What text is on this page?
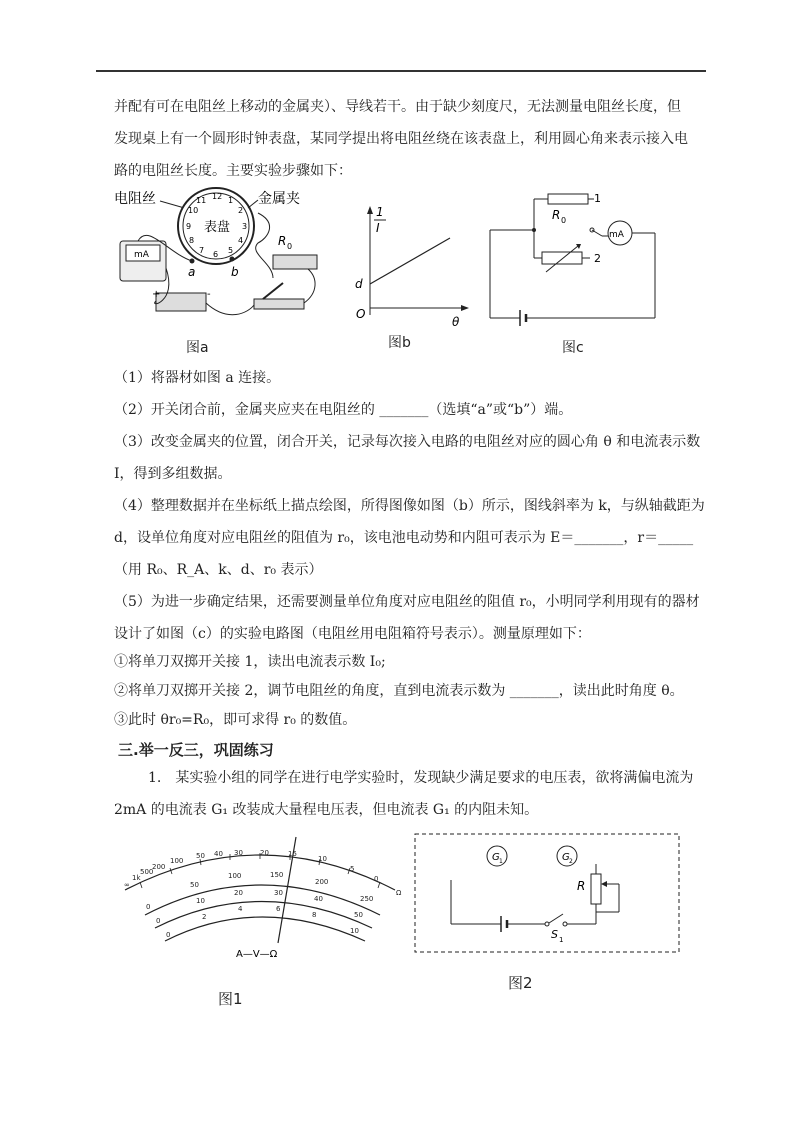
并配有可在电阻丝上移动的金属夹）、导线若干。由于缺少刻度尺，无法测量电阻丝长度，但
发现桌上有一个圆形时钟表盘，某同学提出将电阻丝绕在该表盘上，利用圆心角来表示接入电
路的电阻丝长度。主要实验步骤如下：
电阻丝
表盘
12 1
2
3
4
5
6
7
8
9
10
11	金属夹
a	b
mA
R 0
+	-
图a
1
I
d
O
θ
图b
1
R 0
2
mA
图c
（1）将器材如图 a 连接。
（2）开关闭合前，金属夹应夹在电阻丝的 _______（选填“a”或“b”）端。
（3）改变金属夹的位置，闭合开关，记录每次接入电路的电阻丝对应的圆心角 θ 和电流表示数
I，得到多组数据。
（4）整理数据并在坐标纸上描点绘图，所得图像如图（b）所示，图线斜率为 k，与纵轴截距为
d，设单位角度对应电阻丝的阻值为 r₀，该电池电动势和内阻可表示为 E＝_______，r＝_____
（用 R₀、R_A、k、d、r₀ 表示）
（5）为进一步确定结果，还需要测量单位角度对应电阻丝的阻值 r₀，小明同学利用现有的器材
设计了如图（c）的实验电路图（电阻丝用电阻箱符号表示）。测量原理如下：
①将单刀双掷开关接 1，读出电流表示数 I₀;
②将单刀双掷开关接 2，调节电阻丝的角度，直到电流表示数为 _______，读出此时角度 θ。
③此时 θr₀=R₀，即可求得 r₀ 的数值。
三.举一反三，巩固练习
1.　某实验小组的同学在进行电学实验时，发现缺少满足要求的电压表，欲将满偏电流为
2mA 的电流表 G₁ 改装成大量程电压表，但电流表 G₁ 的内阻未知。
∞
1k
500
200
100
50 40 30 20	15
10
5
0
Ω
0
50
100	150
200
250
0
10
20	30
40
50
0
2
4	6
8
10
A—V—Ω
图1
G 1	G 2
R
S 1
图2
